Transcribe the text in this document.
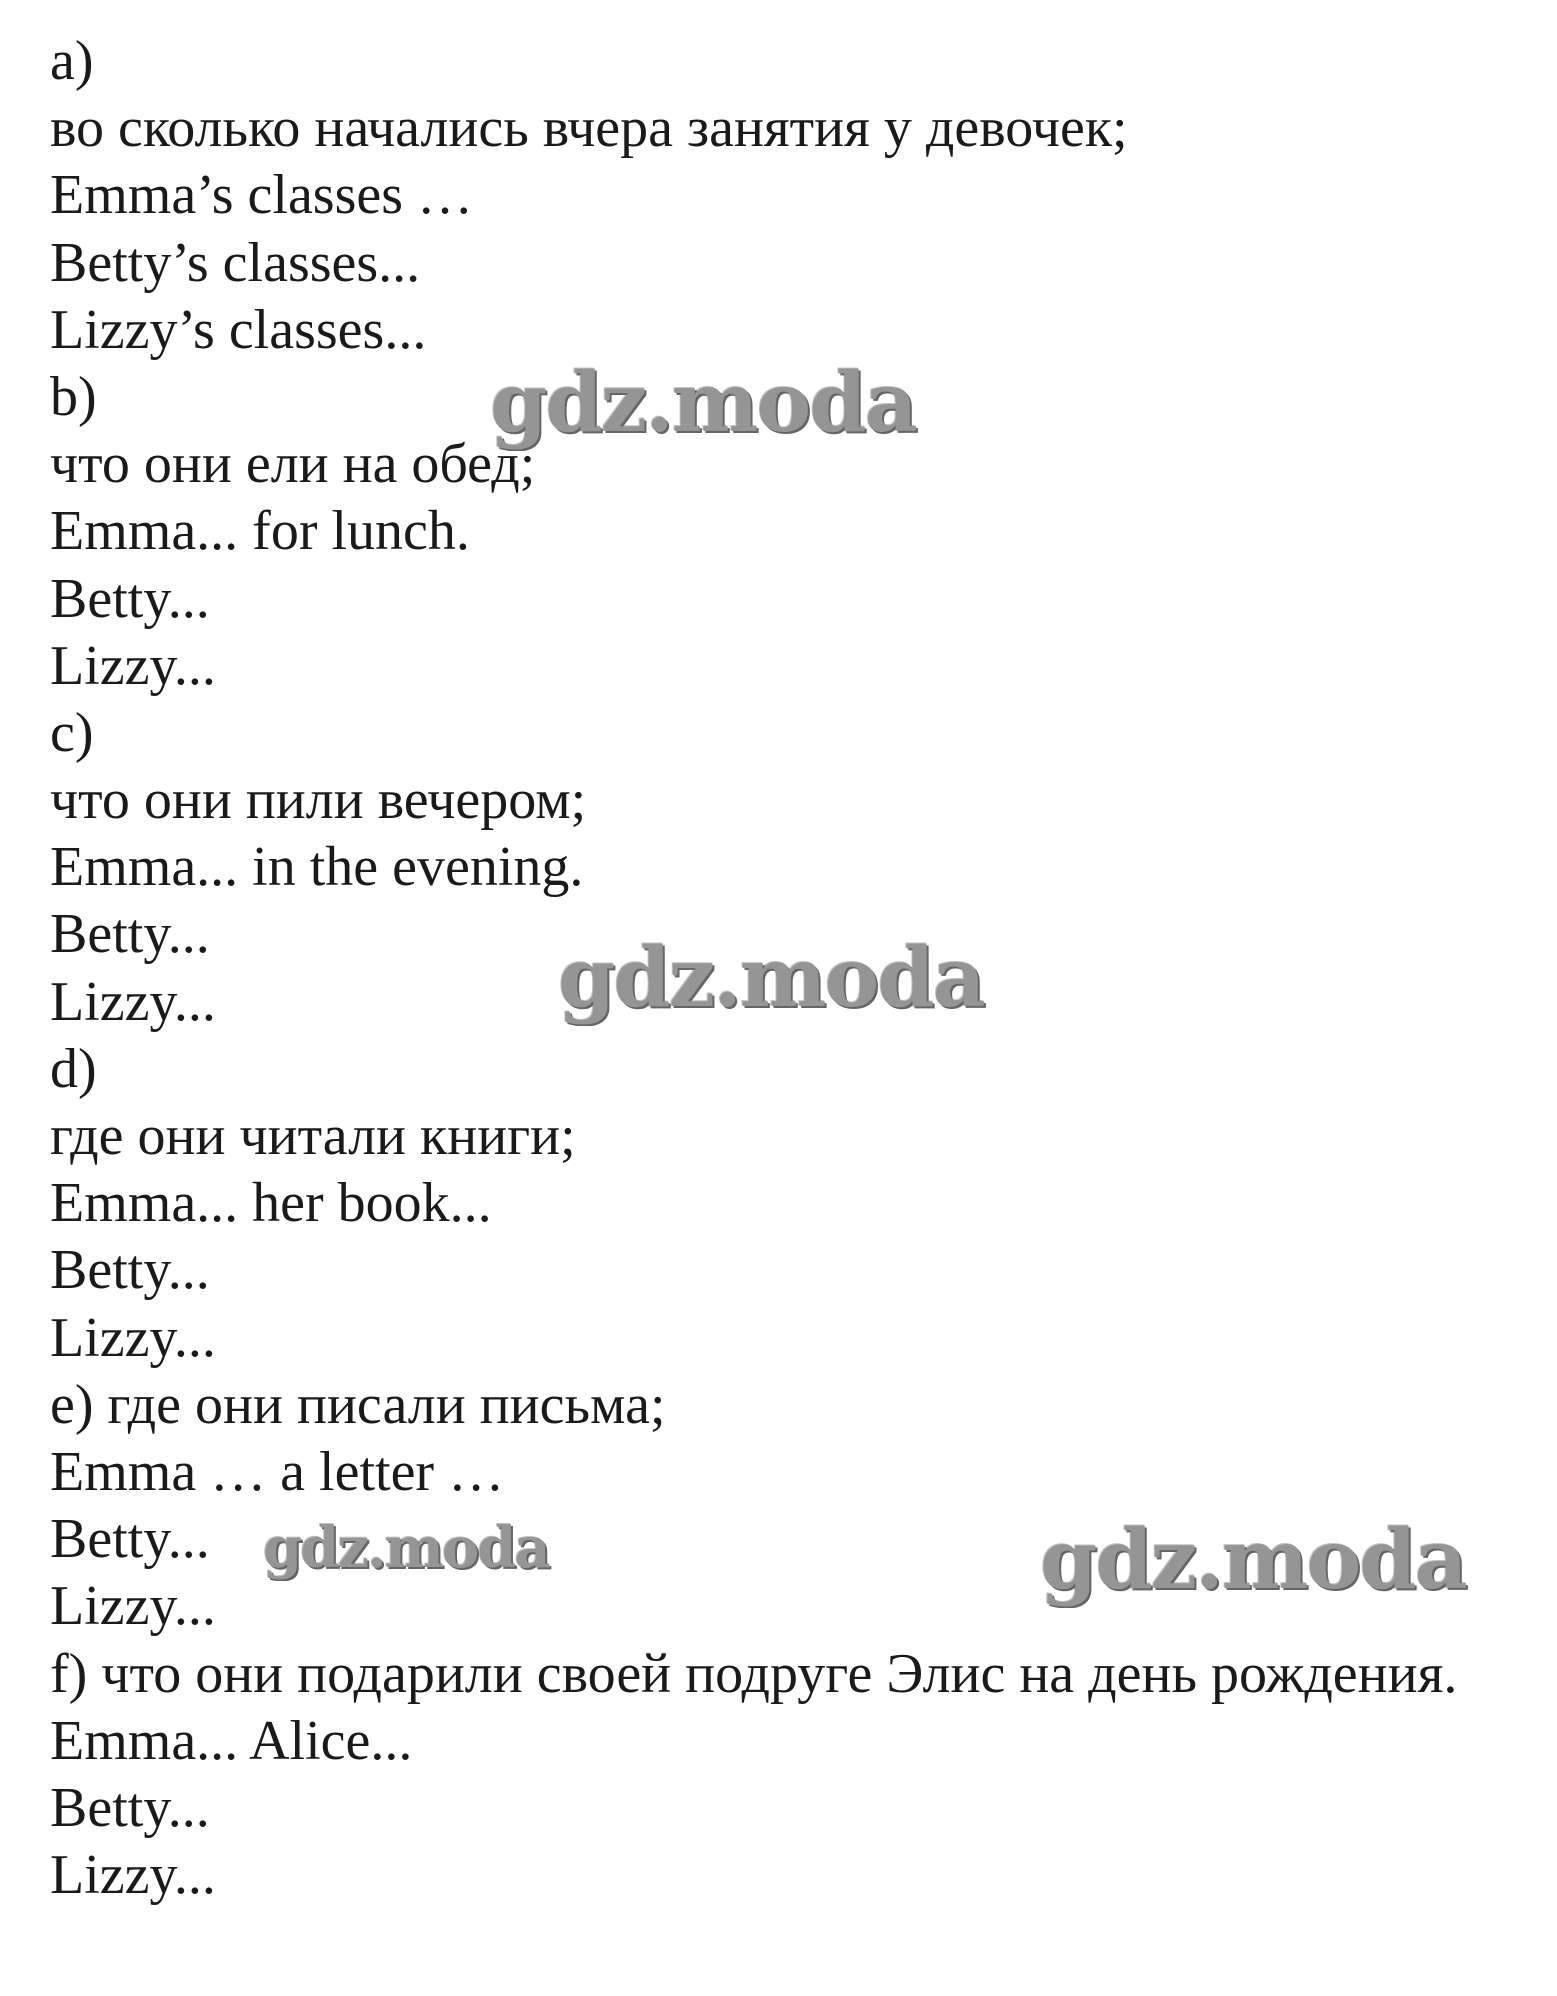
a)
во сколько начались вчера занятия у девочек;
Emma’s classes …
Betty’s classes...
Lizzy’s classes...
b)
что они ели на обед;
Emma... for lunch.
Betty...
Lizzy...
c)
что они пили вечером;
Emma... in the evening.
Betty...
Lizzy...
d)
где они читали книги;
Emma... her book...
Betty...
Lizzy...
e) где они писали письма;
Emma … a letter …
Betty...
Lizzy...
f) что они подарили своей подруге Элис на день рождения.
Emma... Alice...
Betty...
Lizzy...
gdz.moda
gdz.moda
gdz.moda	gdz.moda
